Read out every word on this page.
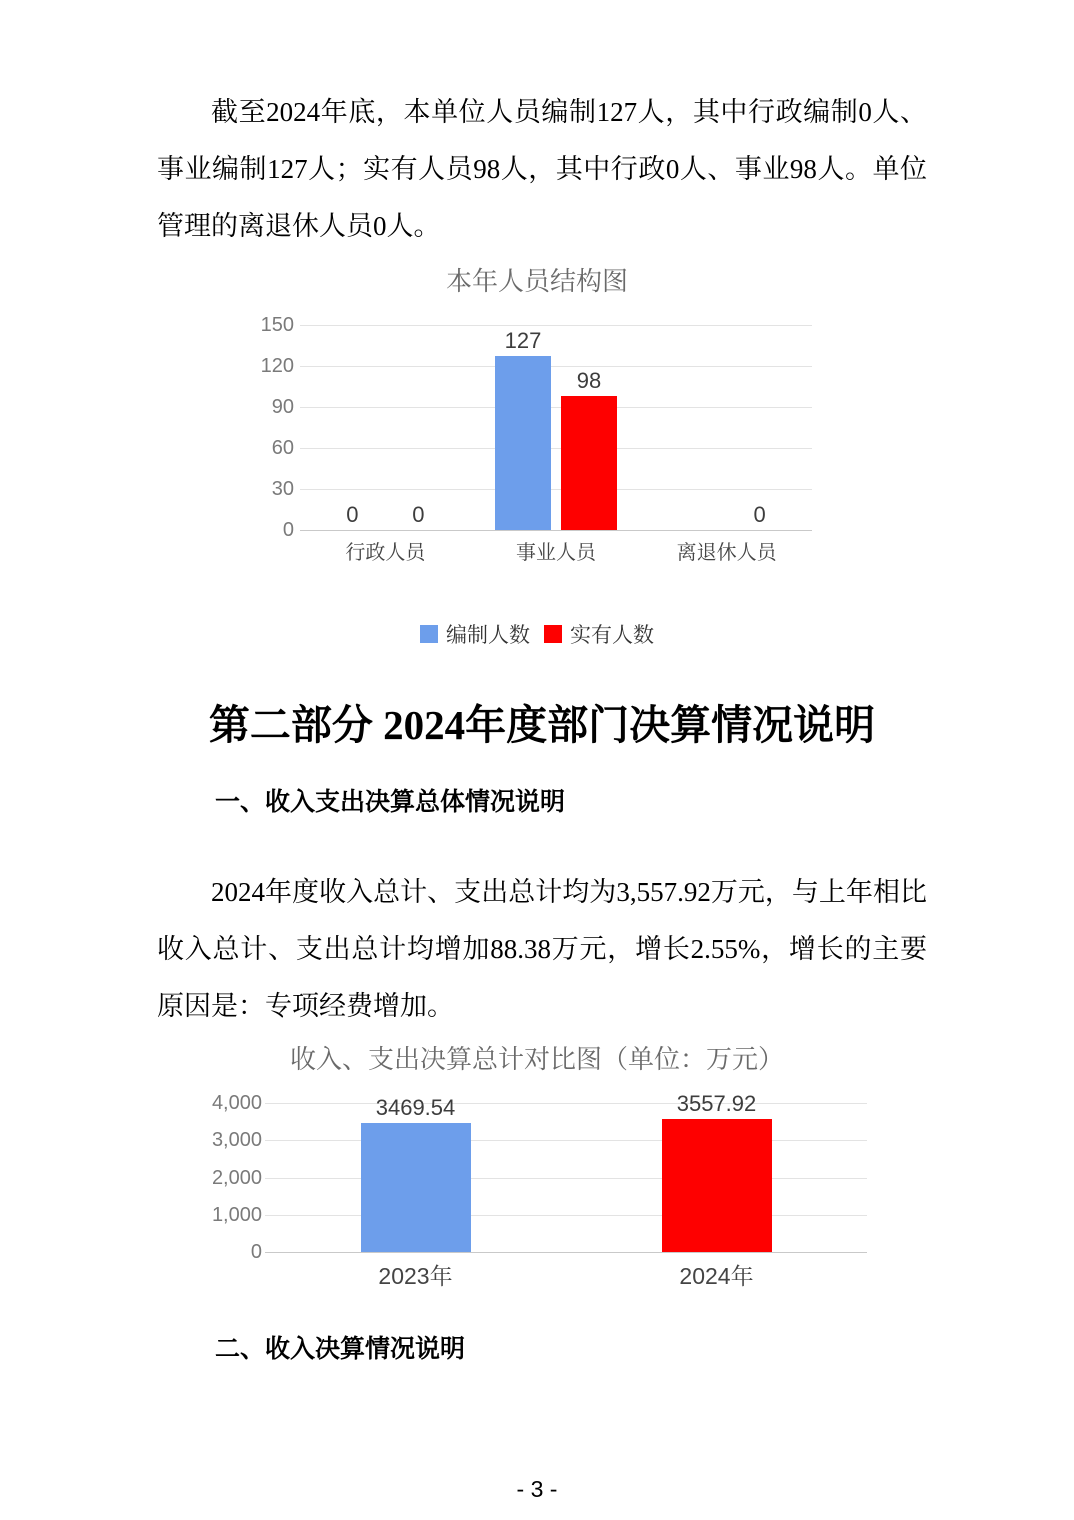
截至2024年底，本单位人员编制127人，其中行政编制0人、事业编制127人；实有人员98人，其中行政0人、事业98人。单位管理的离退休人员0人。
本年人员结构图
编制人数 实有人数
第二部分 2024年度部门决算情况说明
一、收入支出决算总体情况说明
2024年度收入总计、支出总计均为3,557.92万元，与上年相比收入总计、支出总计均增加88.38万元，增长2.55%，增长的主要原因是：专项经费增加。
收入、支出决算总计对比图（单位：万元）
二、收入决算情况说明
- 3 -
0
30
60
90
120
150
行政人员
0 0
事业人员
127
98
离退休人员
0
0
1,000
2,000
3,000
4,000
2023年
3469.54
2024年
3557.92
